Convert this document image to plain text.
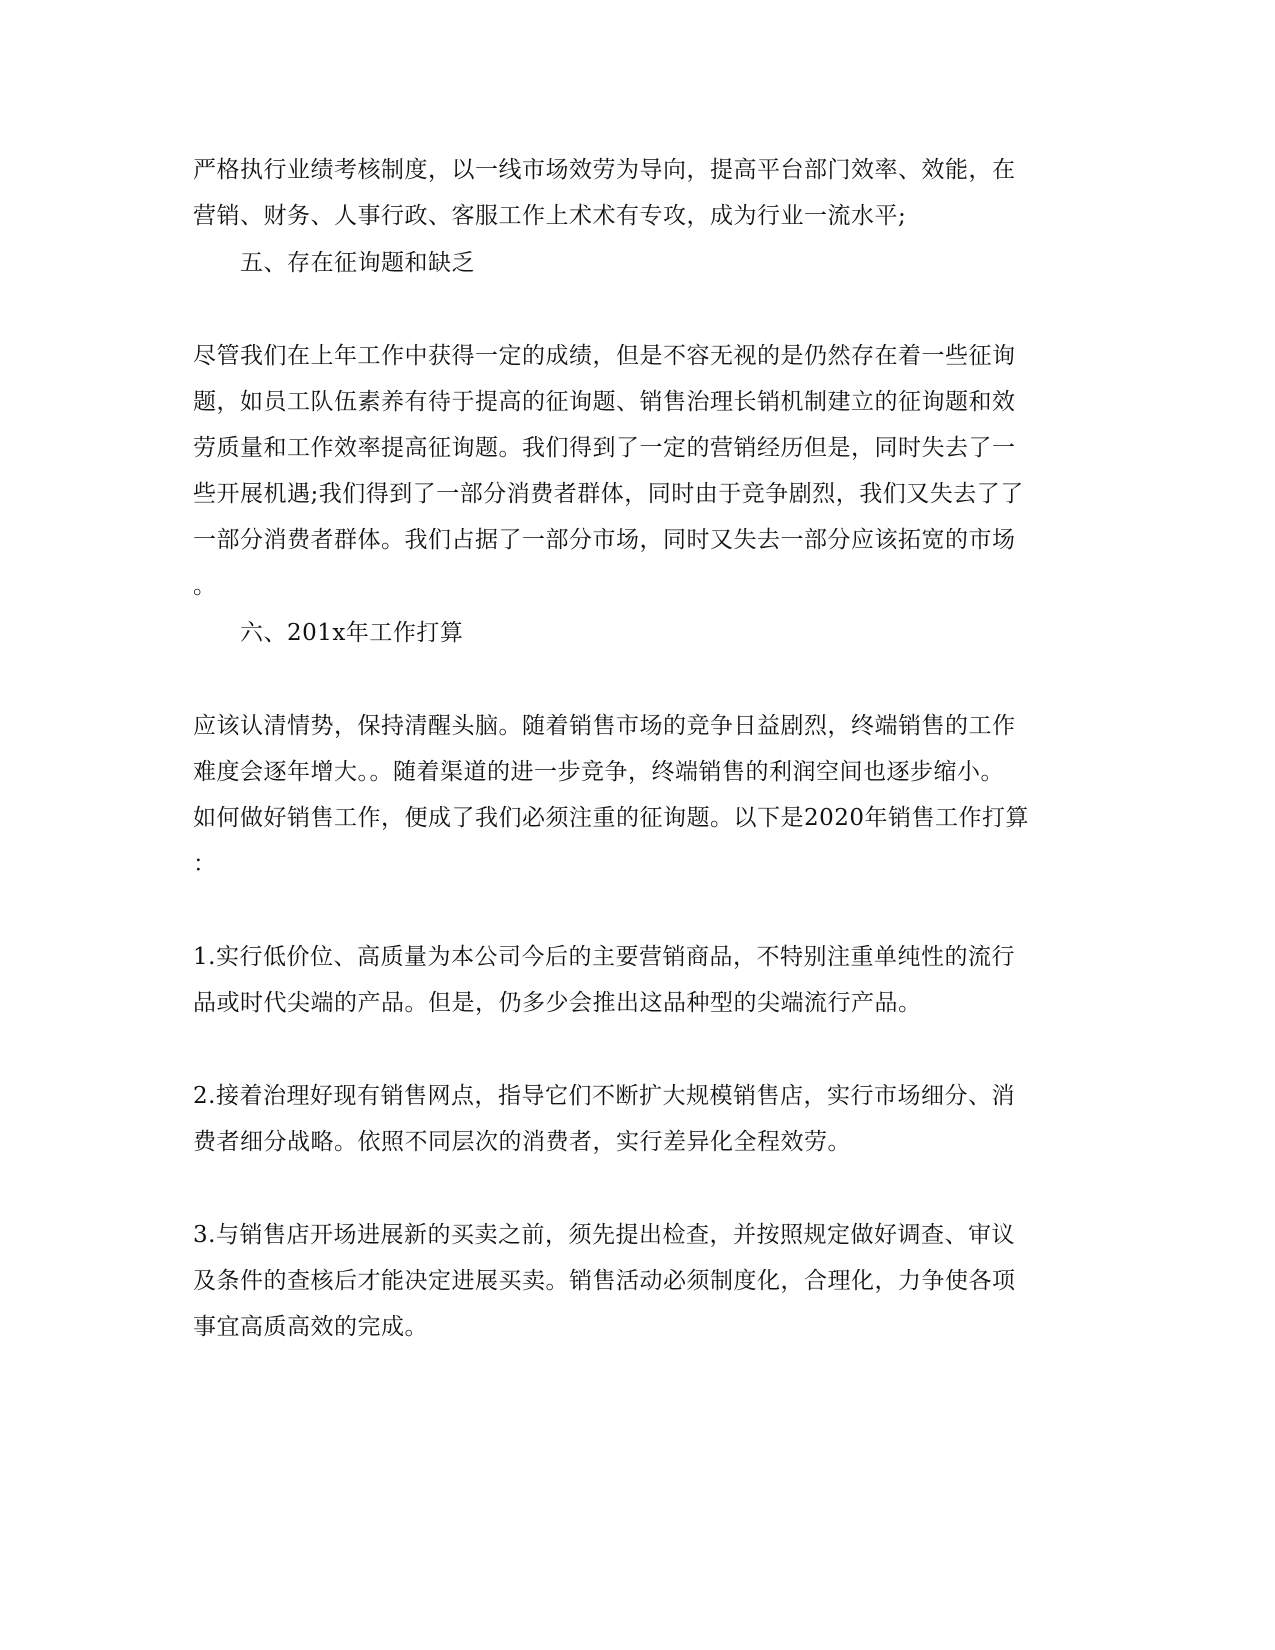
严格执行业绩考核制度，以一线市场效劳为导向，提高平台部门效率、效能，在
营销、财务、人事行政、客服工作上术术有专攻，成为行业一流水平;
五、存在征询题和缺乏
尽管我们在上年工作中获得一定的成绩，但是不容无视的是仍然存在着一些征询
题，如员工队伍素养有待于提高的征询题、销售治理长销机制建立的征询题和效
劳质量和工作效率提高征询题。我们得到了一定的营销经历但是，同时失去了一
些开展机遇;我们得到了一部分消费者群体，同时由于竞争剧烈，我们又失去了了
一部分消费者群体。我们占据了一部分市场，同时又失去一部分应该拓宽的市场
。
六、201x年工作打算
应该认清情势，保持清醒头脑。随着销售市场的竞争日益剧烈，终端销售的工作
难度会逐年增大。。随着渠道的进一步竞争，终端销售的利润空间也逐步缩小。
如何做好销售工作，便成了我们必须注重的征询题。以下是2020年销售工作打算
：
1.实行低价位、高质量为本公司今后的主要营销商品，不特别注重单纯性的流行
品或时代尖端的产品。但是，仍多少会推出这品种型的尖端流行产品。
2.接着治理好现有销售网点，指导它们不断扩大规模销售店，实行市场细分、消
费者细分战略。依照不同层次的消费者，实行差异化全程效劳。
3.与销售店开场进展新的买卖之前，须先提出检查，并按照规定做好调查、审议
及条件的查核后才能决定进展买卖。销售活动必须制度化，合理化，力争使各项
事宜高质高效的完成。
